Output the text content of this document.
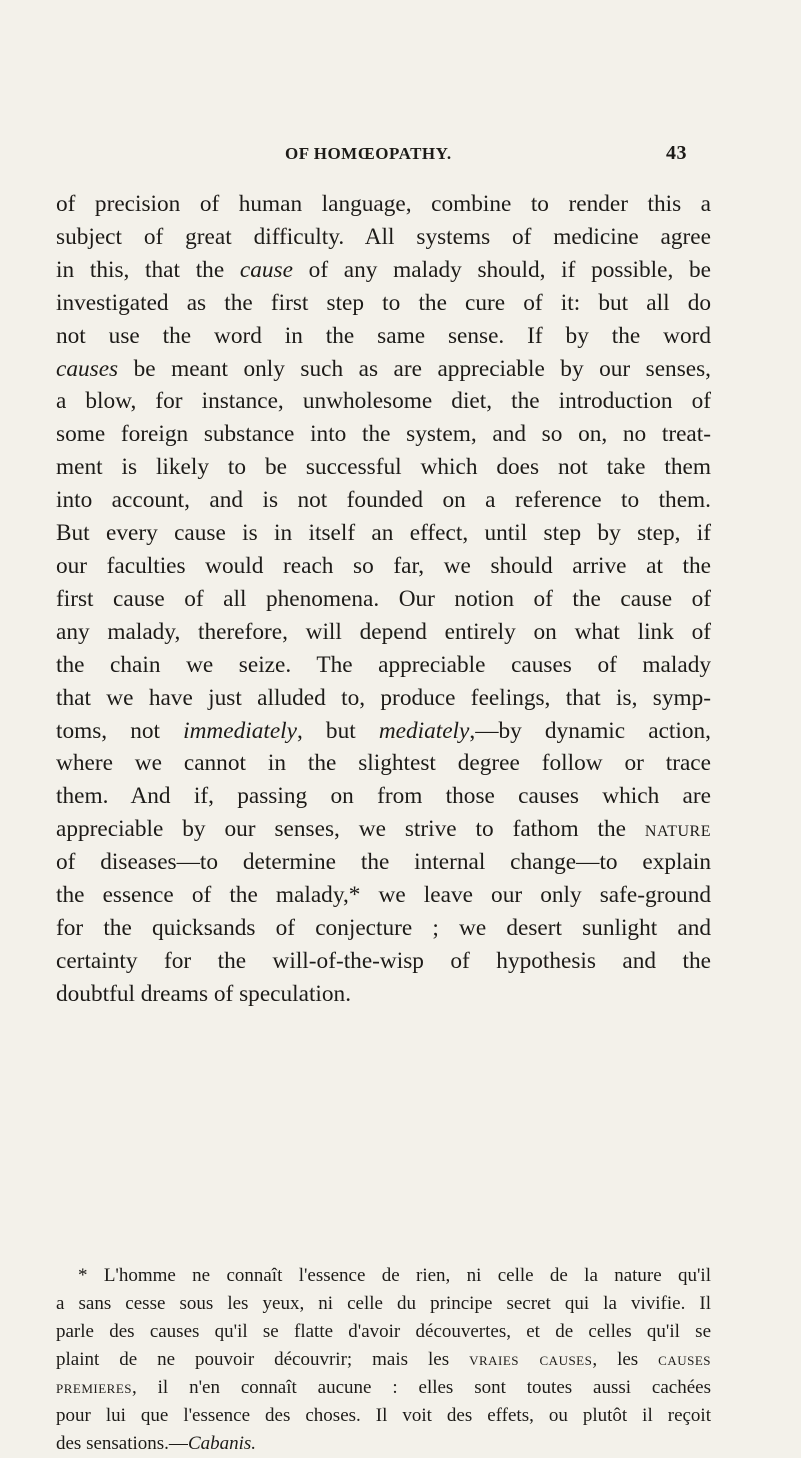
OF HOMŒOPATHY.	43

of precision of human language, combine to render this a
subject of great difficulty. All systems of medicine agree
in this, that the cause of any malady should, if possible, be
investigated as the first step to the cure of it: but all do
not use the word in the same sense. If by the word
causes be meant only such as are appreciable by our senses,
a blow, for instance, unwholesome diet, the introduction of
some foreign substance into the system, and so on, no treat-
ment is likely to be successful which does not take them
into account, and is not founded on a reference to them.
But every cause is in itself an effect, until step by step, if
our faculties would reach so far, we should arrive at the
first cause of all phenomena. Our notion of the cause of
any malady, therefore, will depend entirely on what link of
the chain we seize. The appreciable causes of malady
that we have just alluded to, produce feelings, that is, symp-
toms, not immediately, but mediately,—by dynamic action,
where we cannot in the slightest degree follow or trace
them. And if, passing on from those causes which are
appreciable by our senses, we strive to fathom the nature
of diseases—to determine the internal change—to explain
the essence of the malady,* we leave our only safe-ground
for the quicksands of conjecture ; we desert sunlight and
certainty for the will-of-the-wisp of hypothesis and the
doubtful dreams of speculation.

* L'homme ne connaît l'essence de rien, ni celle de la nature qu'il
a sans cesse sous les yeux, ni celle du principe secret qui la vivifie. Il
parle des causes qu'il se flatte d'avoir découvertes, et de celles qu'il se
plaint de ne pouvoir découvrir; mais les vraies causes, les causes
premieres, il n'en connaît aucune : elles sont toutes aussi cachées
pour lui que l'essence des choses. Il voit des effets, ou plutôt il reçoit
des sensations.—Cabanis.
